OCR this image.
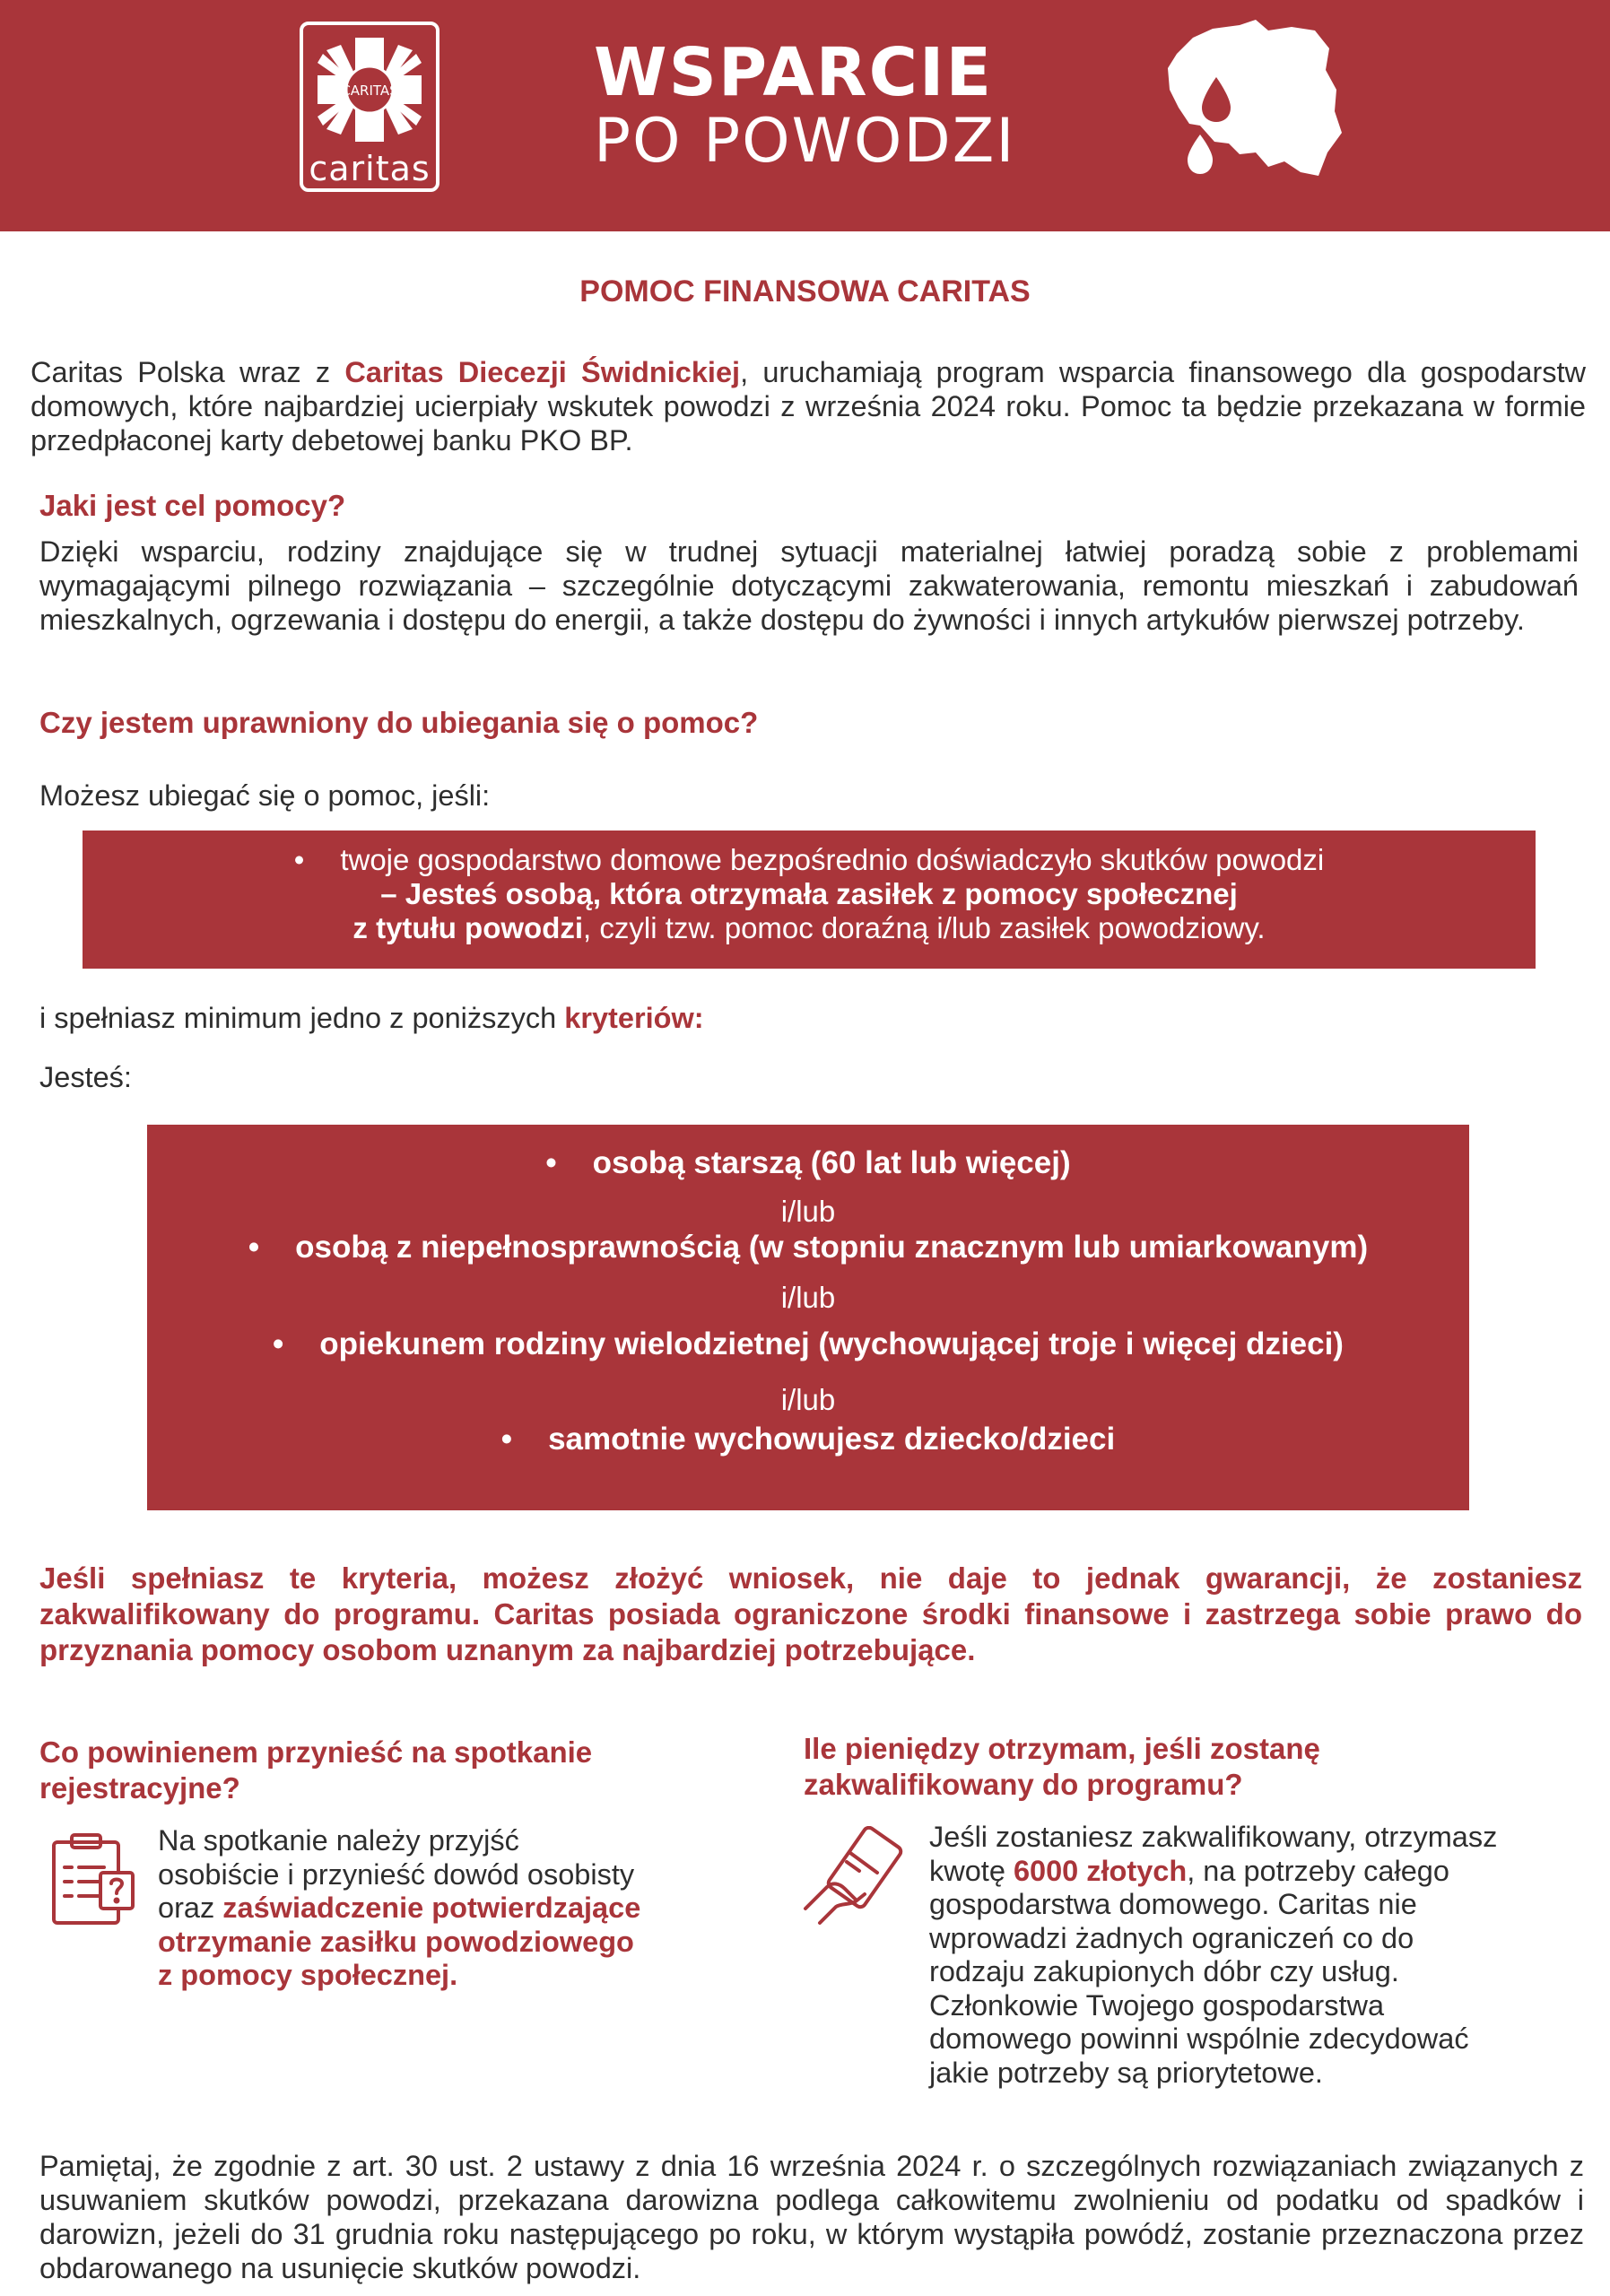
CARITAS
caritas
WSPARCIE
PO POWODZI
POMOC FINANSOWA CARITAS
Caritas Polska wraz z Caritas Diecezji Świdnickiej, uruchamiają program wsparcia finansowego dla gospodarstw domowych, które najbardziej ucierpiały wskutek powodzi z września 2024 roku. Pomoc ta będzie przekazana w formie przedpłaconej karty debetowej banku PKO BP.
Jaki jest cel pomocy?
Dzięki wsparciu, rodziny znajdujące się w trudnej sytuacji materialnej łatwiej poradzą sobie z problemami wymagającymi pilnego rozwiązania – szczególnie dotyczącymi zakwaterowania, remontu mieszkań i zabudowań mieszkalnych, ogrzewania i dostępu do energii, a także dostępu do żywności i innych artykułów pierwszej potrzeby.
Czy jestem uprawniony do ubiegania się o pomoc?
Możesz ubiegać się o pomoc, jeśli:
• twoje gospodarstwo domowe bezpośrednio doświadczyło skutków powodzi
– Jesteś osobą, która otrzymała zasiłek z pomocy społecznej
z tytułu powodzi, czyli tzw. pomoc doraźną i/lub zasiłek powodziowy.
i spełniasz minimum jedno z poniższych kryteriów:
Jesteś:
• osobą starszą (60 lat lub więcej)
i/lub
• osobą z niepełnosprawnością (w stopniu znacznym lub umiarkowanym)
i/lub
• opiekunem rodziny wielodzietnej (wychowującej troje i więcej dzieci)
i/lub
• samotnie wychowujesz dziecko/dzieci
Jeśli spełniasz te kryteria, możesz złożyć wniosek, nie daje to jednak gwarancji, że zostaniesz zakwalifikowany do programu. Caritas posiada ograniczone środki finansowe i zastrzega sobie prawo do przyznania pomocy osobom uznanym za najbardziej potrzebujące.
Co powinienem przynieść na spotkanie
rejestracyjne?
Na spotkanie należy przyjść
osobiście i przynieść dowód osobisty
oraz zaświadczenie potwierdzające
otrzymanie zasiłku powodziowego
z pomocy społecznej.
Ile pieniędzy otrzymam, jeśli zostanę
zakwalifikowany do programu?
Jeśli zostaniesz zakwalifikowany, otrzymasz
kwotę 6000 złotych, na potrzeby całego
gospodarstwa domowego. Caritas nie
wprowadzi żadnych ograniczeń co do
rodzaju zakupionych dóbr czy usług.
Członkowie Twojego gospodarstwa
domowego powinni wspólnie zdecydować
jakie potrzeby są priorytetowe.
Pamiętaj, że zgodnie z art. 30 ust. 2 ustawy z dnia 16 września 2024 r. o szczególnych rozwiązaniach związanych z usuwaniem skutków powodzi, przekazana darowizna podlega całkowitemu zwolnieniu od podatku od spadków i darowizn, jeżeli do 31 grudnia roku następującego po roku, w którym wystąpiła powódź, zostanie przeznaczona przez obdarowanego na usunięcie skutków powodzi.
